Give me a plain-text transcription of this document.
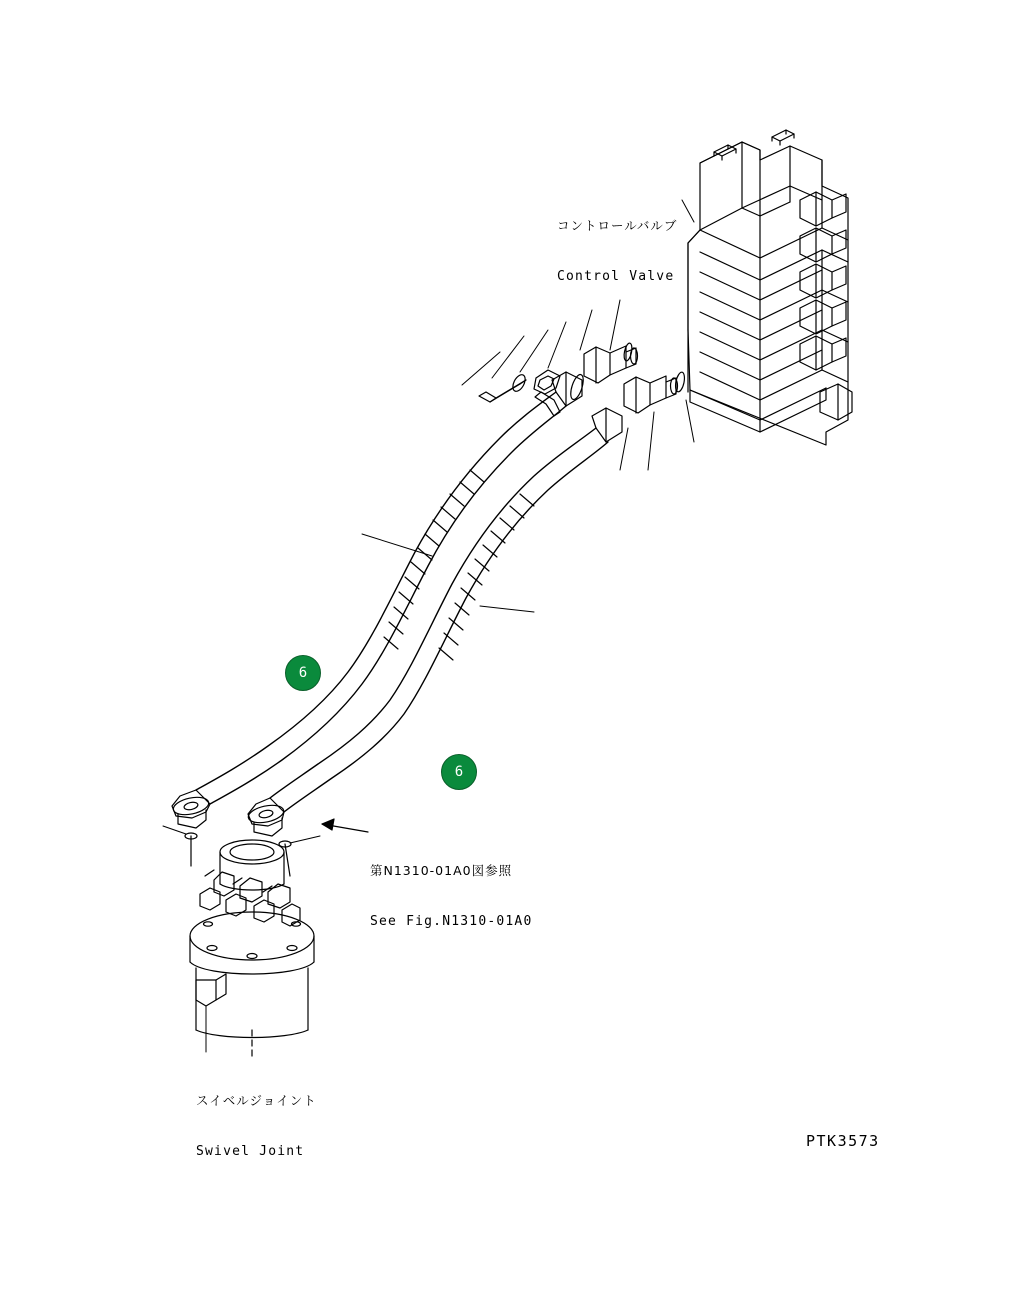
コントロールバルブ

Control Valve

第N1310-01A0図参照

See Fig.N1310-01A0

スイベルジョイント

Swivel Joint

PTK3573
6
6
